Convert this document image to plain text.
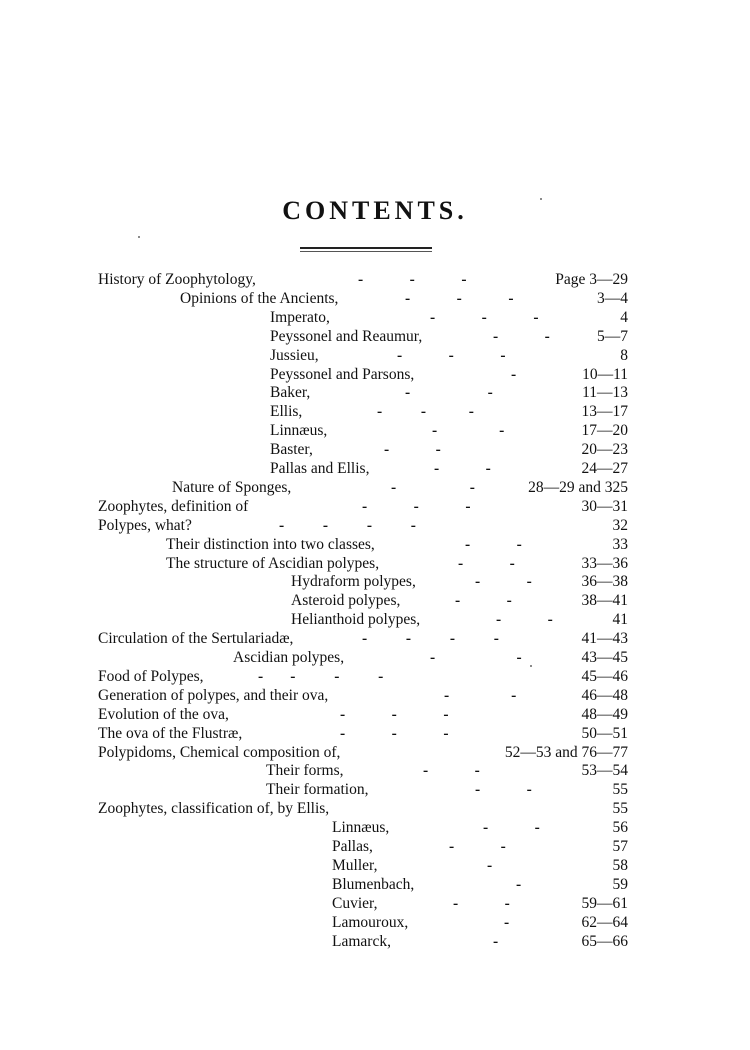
CONTENTS.
History of Zoophytology,	-            -            -	Page 3—29
Opinions of the Ancients,	-            -            -	3—4
Imperato,	-            -            -	4
Peyssonel and Reaumur,	-            -	5—7
Jussieu,	-            -            -	8
Peyssonel and Parsons,	-	10—11
Baker,	-                    -	11—13
Ellis,	-          -           -	13—17
Linnæus,	-                -	17—20
Baster,	-            -	20—23
Pallas and Ellis,	-            -	24—27
Nature of Sponges,	-                   -	28—29 and 325
Zoophytes, definition of	-            -            -	30—31
Polypes, what?	-          -          -          -	32
Their distinction into two classes,	-            -	33
The structure of Ascidian polypes,	-            -	33—36
Hydraform polypes,	-            -	36—38
Asteroid polypes,	-            -	38—41
Helianthoid polypes,	-            -	41
Circulation of the Sertulariadæ,	-          -          -          -	41—43
Ascidian polypes,	-                     -	43—45
Food of Polypes,	-       -          -          -	45—46
Generation of polypes, and their ova,	-                -	46—48
Evolution of the ova,	-            -            -	48—49
The ova of the Flustræ,	-            -            -	50—51
Polypidoms, Chemical composition of,	52—53 and 76—77
Their forms,	-            -	53—54
Their formation,	-            -	55
Zoophytes, classification of, by Ellis,	55
Linnæus,	-            -	56
Pallas,	-            -	57
Muller,	-	58
Blumenbach,	-	59
Cuvier,	-            -	59—61
Lamouroux,	-	62—64
Lamarck,	-	65—66
